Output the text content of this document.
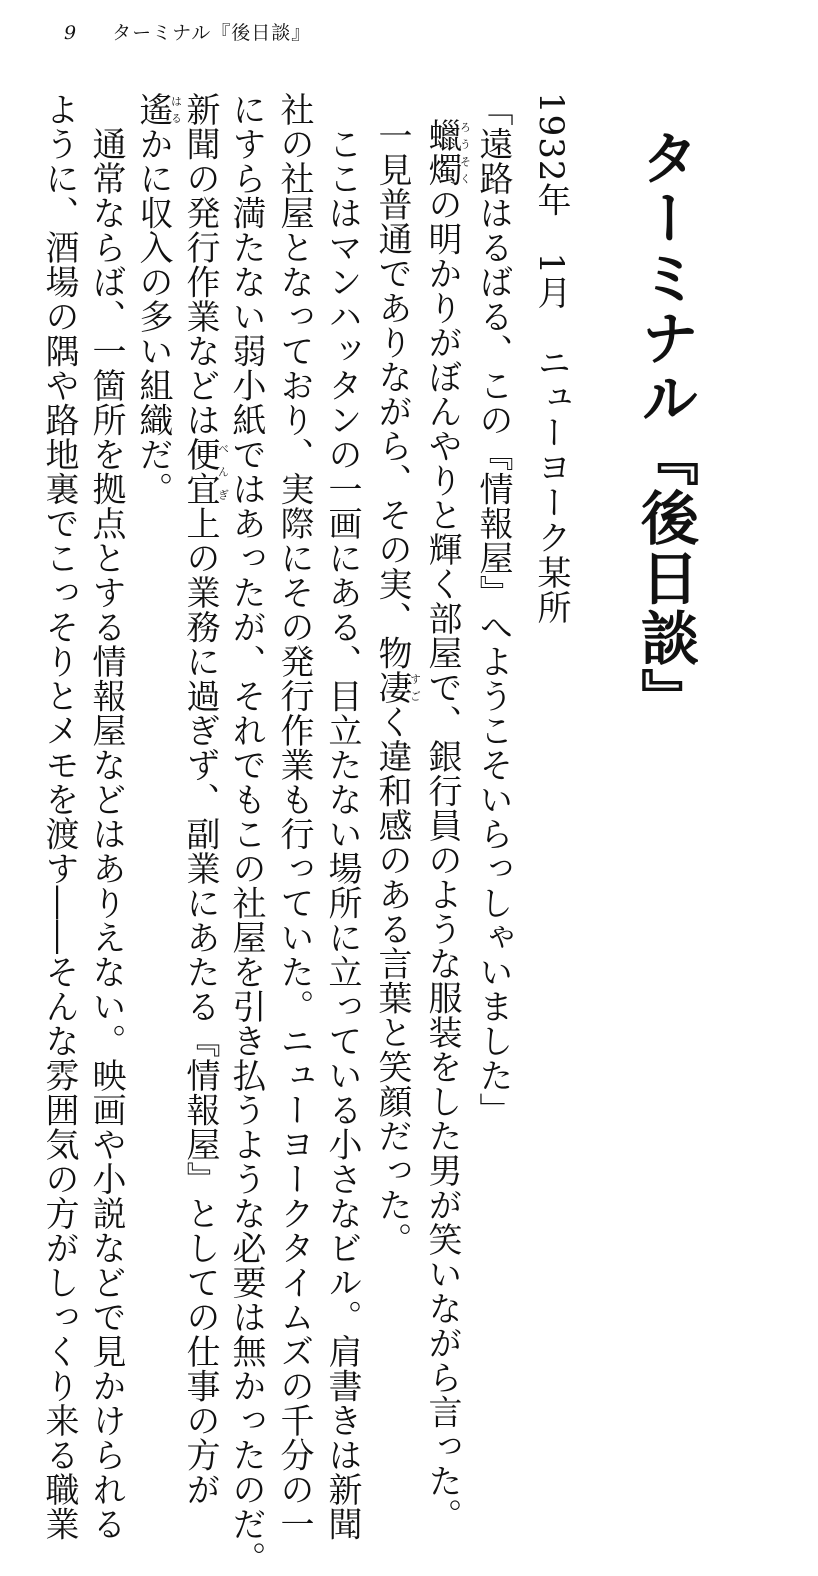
9 ターミナル『後日談』
ターミナル『後日談』
1932年　1月　ニューヨーク某所
「遠路はるばる、この『情報屋』へようこそいらっしゃいました」
蠟燭ろうそくの明かりがぼんやりと輝く部屋で、銀行員のような服装をした男が笑いながら言った。
一見普通でありながら、その実、物凄すごく違和感のある言葉と笑顔だった。
　ここはマンハッタンの一画にある、目立たない場所に立っている小さなビル。肩書きは新聞
社の社屋となっており、実際にその発行作業も行っていた。ニューヨークタイムズの千分の一
にすら満たない弱小紙ではあったが、それでもこの社屋を引き払うような必要は無かったのだ。
新聞の発行作業などは便宜べんぎ上の業務に過ぎず、副業にあたる『情報屋』としての仕事の方が
遙はるかに収入の多い組織だ。
　通常ならば、一箇所を拠点とする情報屋などはありえない。映画や小説などで見かけられる
ように、酒場の隅や路地裏でこっそりとメモを渡す――そんな雰囲気の方がしっくり来る職業
